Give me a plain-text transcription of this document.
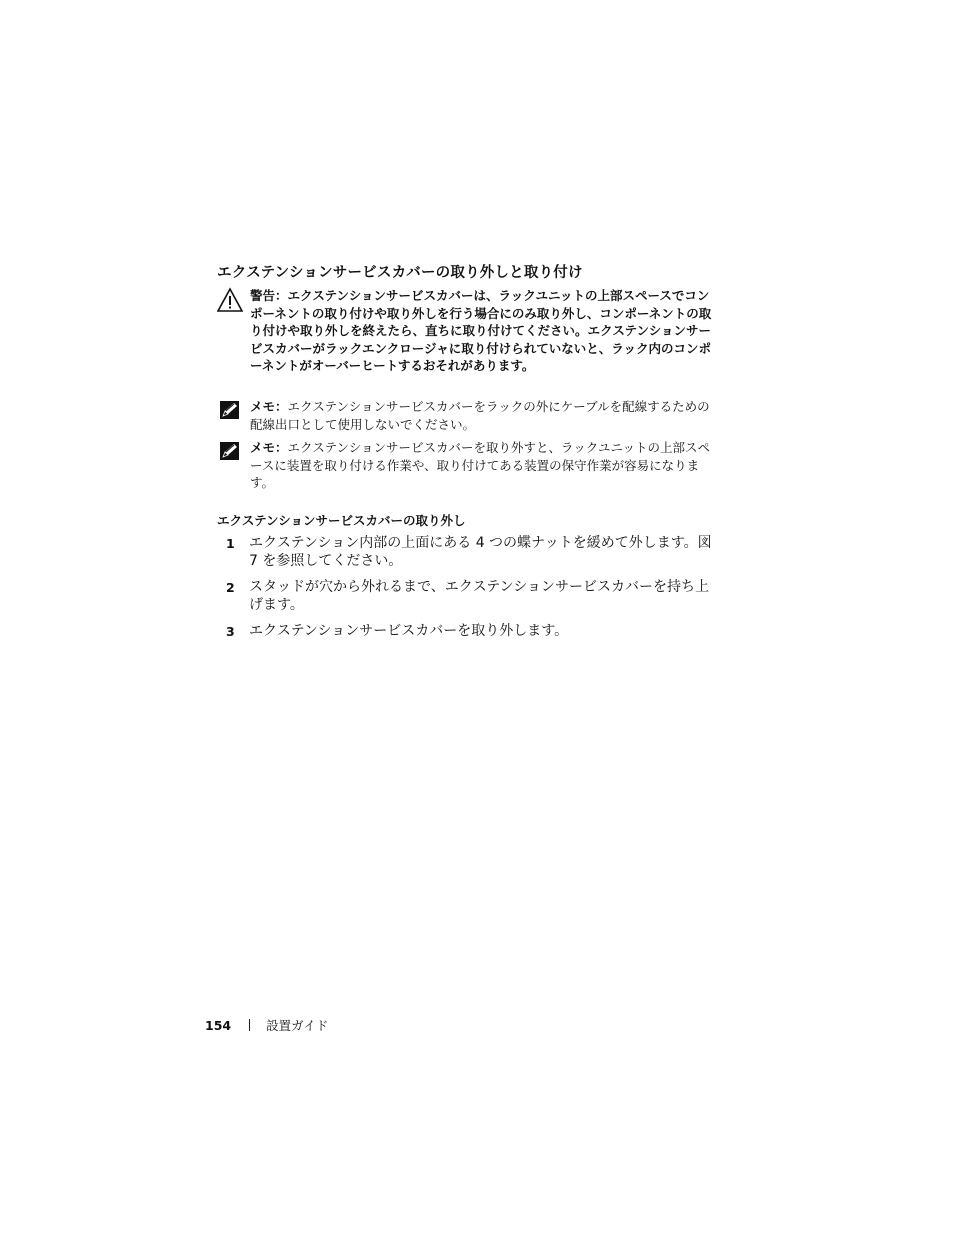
エクステンションサービスカバーの取り外しと取り付け
警告：エクステンションサービスカバーは、ラックユニットの上部スペースでコンポーネントの取り付けや取り外しを行う場合にのみ取り外し、コンポーネントの取り付けや取り外しを終えたら、直ちに取り付けてください。エクステンションサービスカバーがラックエンクロージャに取り付けられていないと、ラック内のコンポーネントがオーバーヒートするおそれがあります。
メモ：エクステンションサービスカバーをラックの外にケーブルを配線するための配線出口として使用しないでください。
メモ：エクステンションサービスカバーを取り外すと、ラックユニットの上部スペースに装置を取り付ける作業や、取り付けてある装置の保守作業が容易になります。
エクステンションサービスカバーの取り外し
1 エクステンション内部の上面にある 4 つの蝶ナットを緩めて外します。図 7 を参照してください。
2 スタッドが穴から外れるまで、エクステンションサービスカバーを持ち上げます。
3 エクステンションサービスカバーを取り外します。
154	設置ガイド
